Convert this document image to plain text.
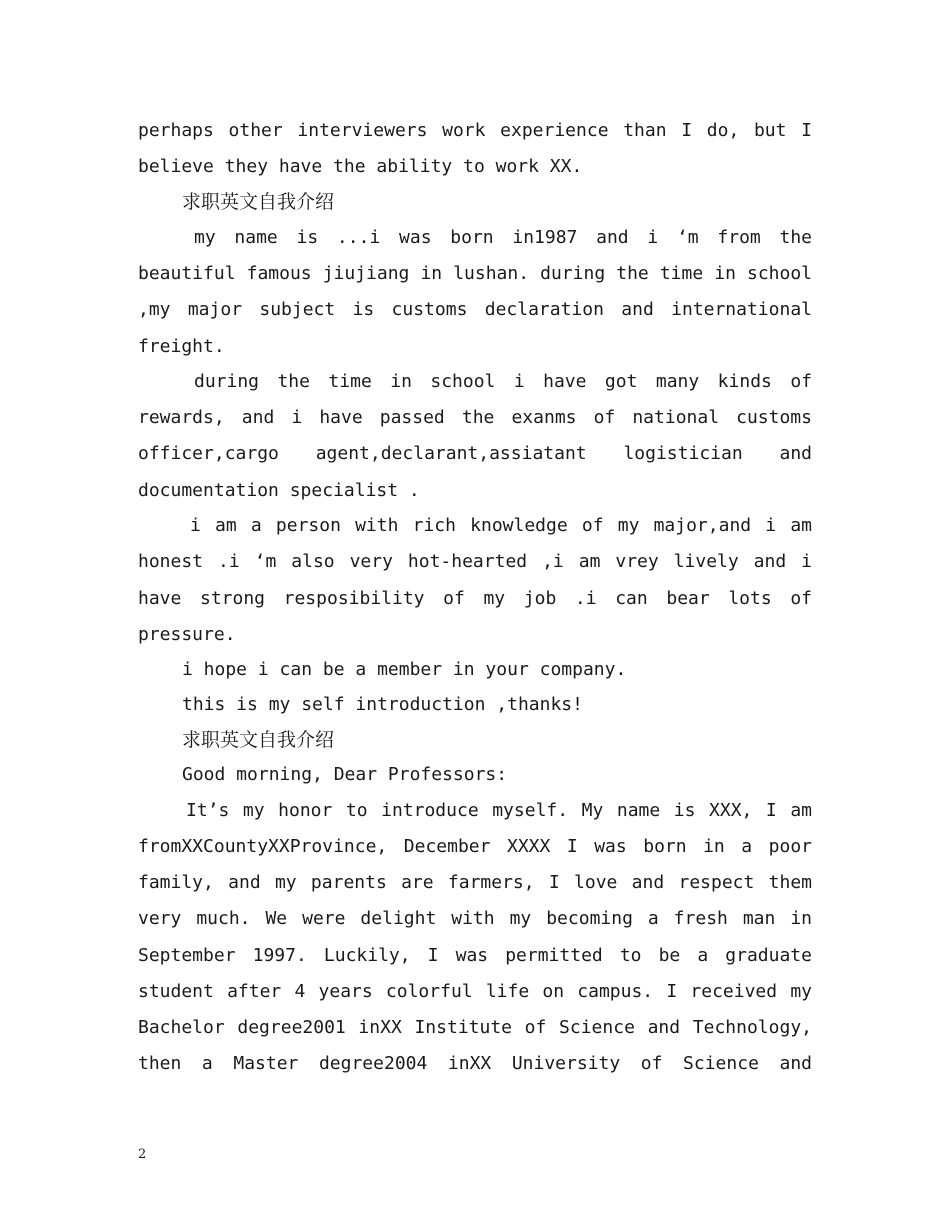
perhaps other interviewers work experience than I do, but I
believe they have the ability to work XX.
求职英文自我介绍
my name is ...i was born in1987 and i ‘m from the
beautiful famous jiujiang in lushan. during the time in school
,my major subject is customs declaration and international
freight.
during the time in school i have got many kinds of
rewards, and i have passed the exanms of national customs
officer,cargo agent,declarant,assiatant logistician and
documentation specialist .
i am a person with rich knowledge of my major,and i am
honest .i ‘m also very hot-hearted ,i am vrey lively and i
have strong resposibility of my job .i can bear lots of
pressure.
i hope i can be a member in your company.
this is my self introduction ,thanks!
求职英文自我介绍
Good morning, Dear Professors:
It’s my honor to introduce myself. My name is XXX, I am
fromXXCountyXXProvince, December XXXX I was born in a poor
family, and my parents are farmers, I love and respect them
very much. We were delight with my becoming a fresh man in
September 1997. Luckily, I was permitted to be a graduate
student after 4 years colorful life on campus. I received my
Bachelor degree2001 inXX Institute of Science and Technology,
then a Master degree2004 inXX University of Science and
2
